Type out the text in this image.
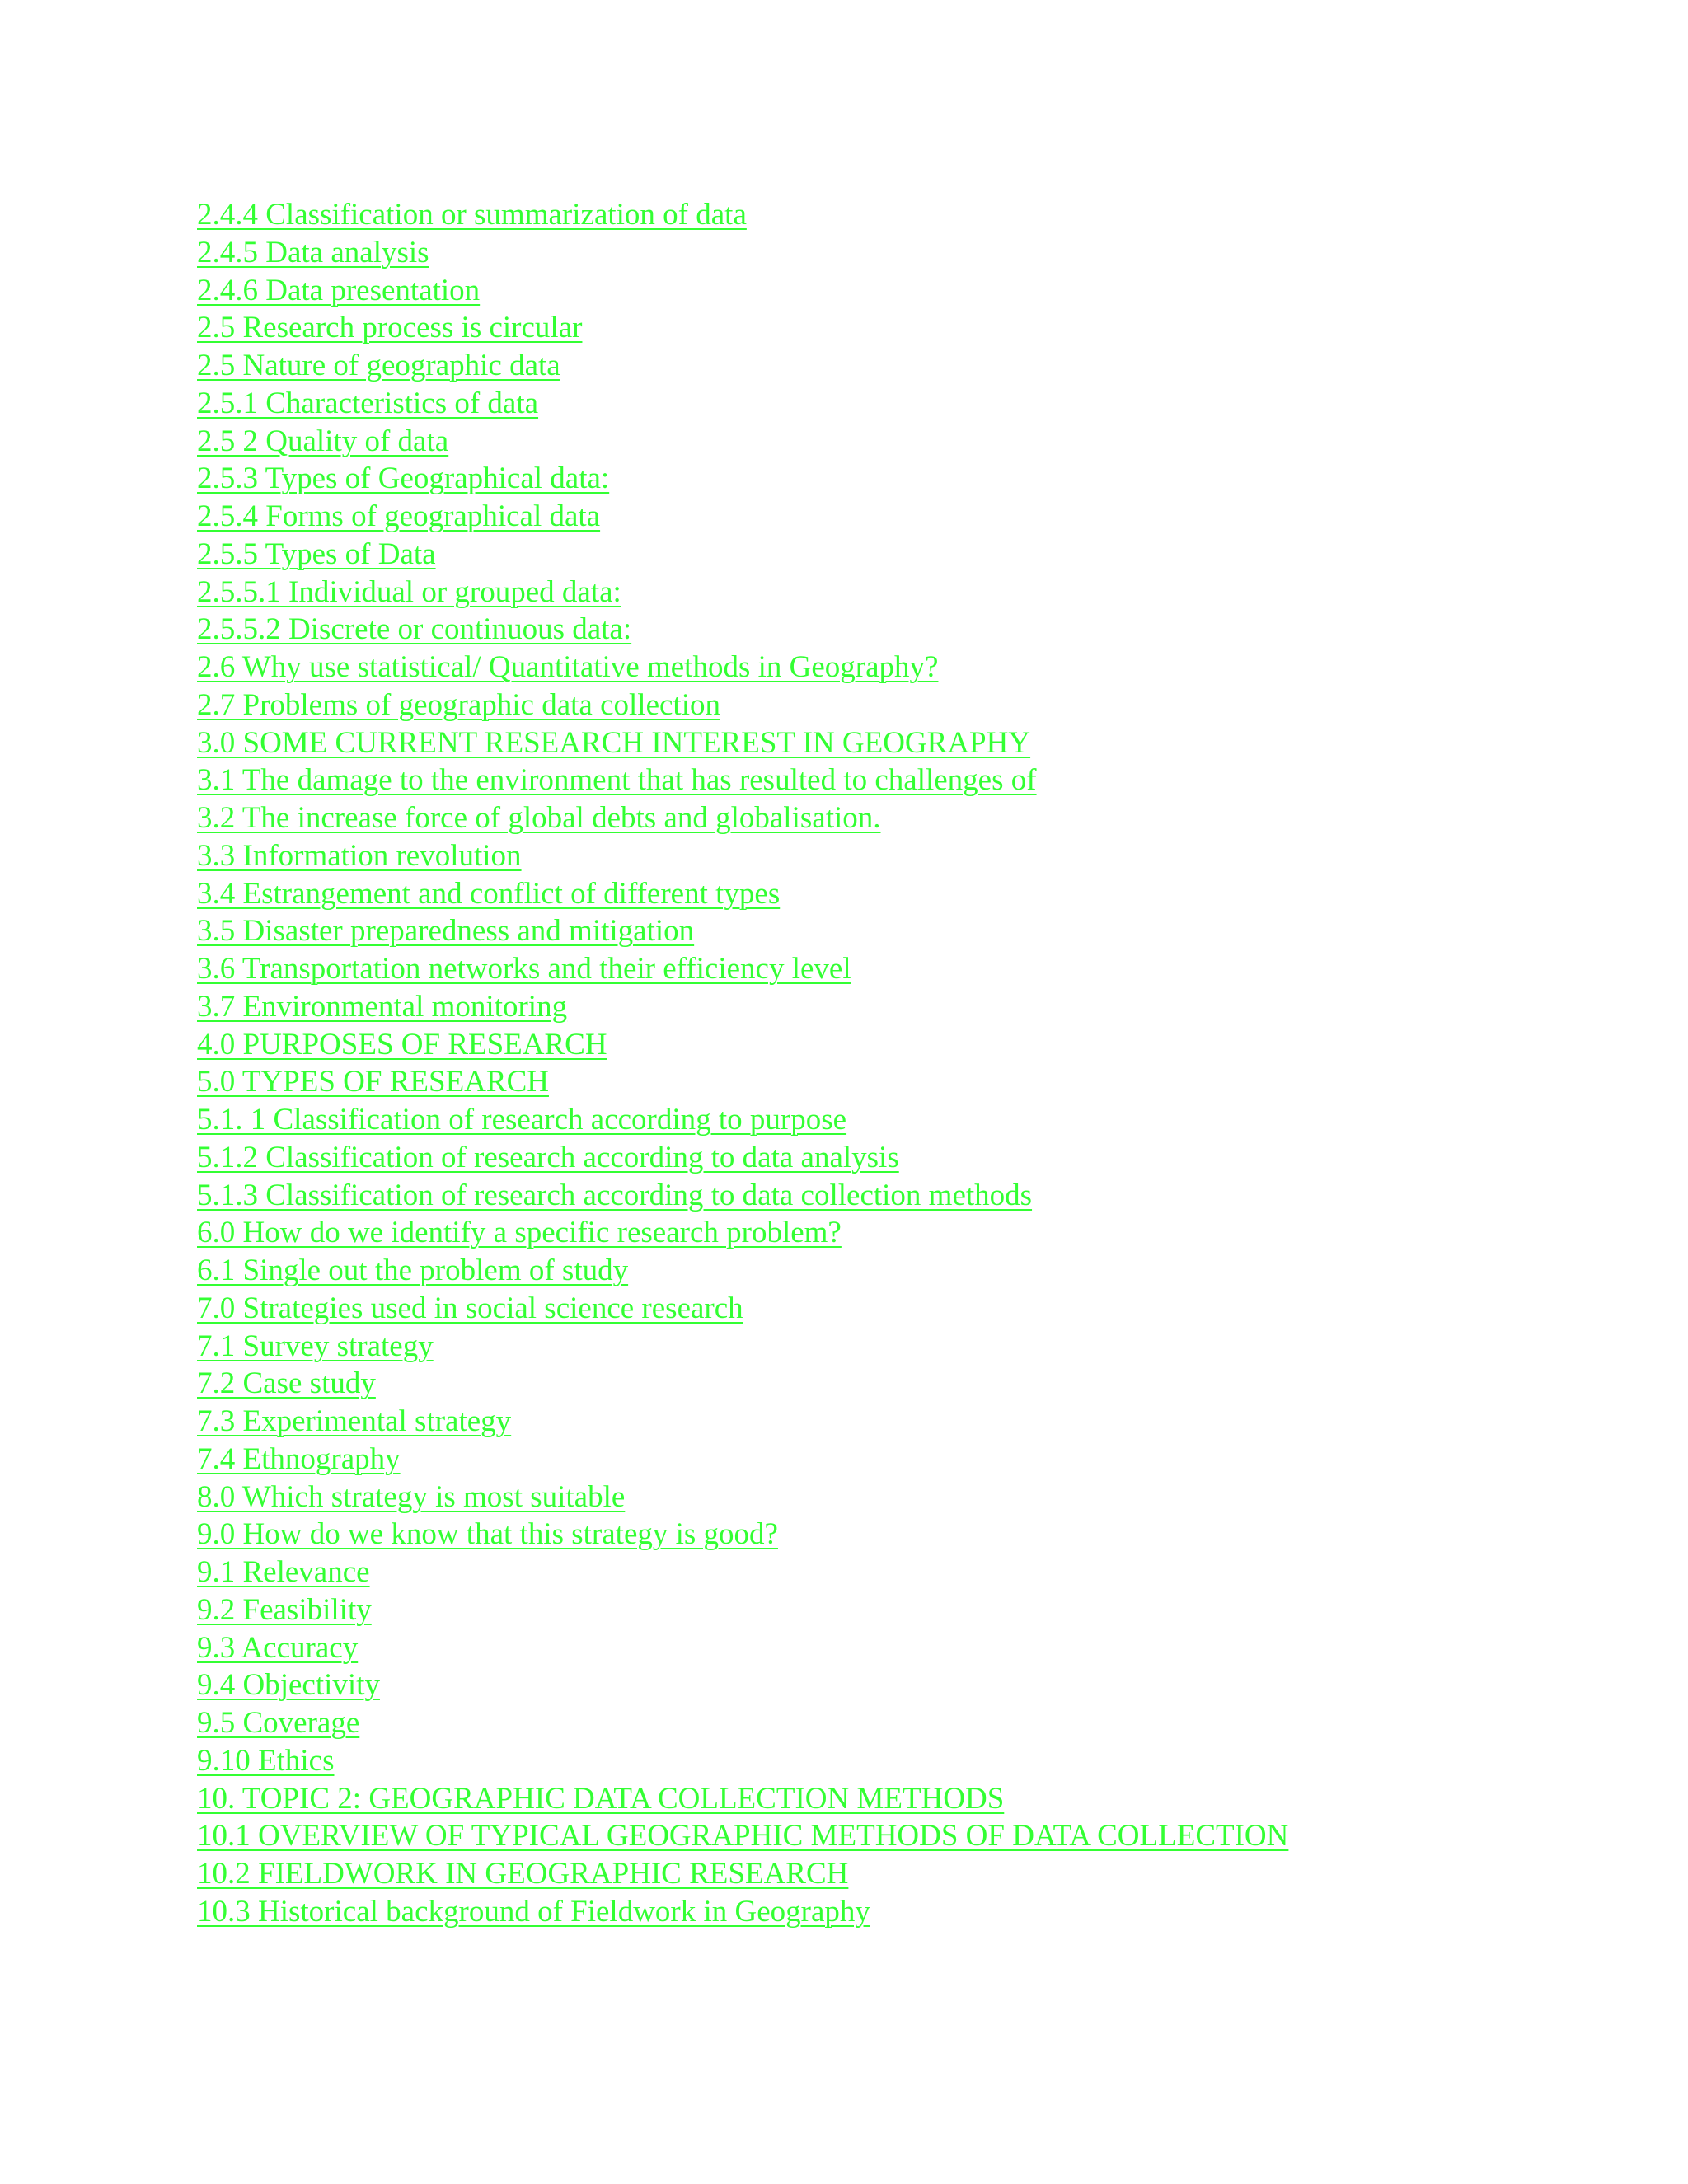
2.4.4 Classification or summarization of data
2.4.5 Data analysis
2.4.6 Data presentation
2.5 Research process is circular
2.5 Nature of geographic data
2.5.1 Characteristics of data
2.5 2 Quality of data
2.5.3 Types of Geographical data:
2.5.4 Forms of geographical data
2.5.5 Types of Data
2.5.5.1 Individual or grouped data:
2.5.5.2 Discrete or continuous data:
2.6 Why use statistical/ Quantitative methods in Geography?
2.7 Problems of geographic data collection
3.0 SOME CURRENT RESEARCH INTEREST IN GEOGRAPHY
3.1 The damage to the environment that has resulted to challenges of
3.2 The increase force of global debts and globalisation.
3.3 Information revolution
3.4 Estrangement and conflict of different types
3.5 Disaster preparedness and mitigation
3.6 Transportation networks and their efficiency level
3.7 Environmental monitoring
4.0 PURPOSES OF RESEARCH
5.0 TYPES OF RESEARCH
5.1. 1 Classification of research according to purpose
5.1.2 Classification of research according to data analysis
5.1.3 Classification of research according to data collection methods
6.0 How do we identify a specific research problem?
6.1 Single out the problem of study
7.0 Strategies used in social science research
7.1 Survey strategy
7.2 Case study
7.3 Experimental strategy
7.4 Ethnography
8.0 Which strategy is most suitable
9.0 How do we know that this strategy is good?
9.1 Relevance
9.2 Feasibility
9.3 Accuracy
9.4 Objectivity
9.5 Coverage
9.10 Ethics
10. TOPIC 2: GEOGRAPHIC DATA COLLECTION METHODS
10.1 OVERVIEW OF TYPICAL GEOGRAPHIC METHODS OF DATA COLLECTION
10.2 FIELDWORK IN GEOGRAPHIC RESEARCH
10.3 Historical background of Fieldwork in Geography
